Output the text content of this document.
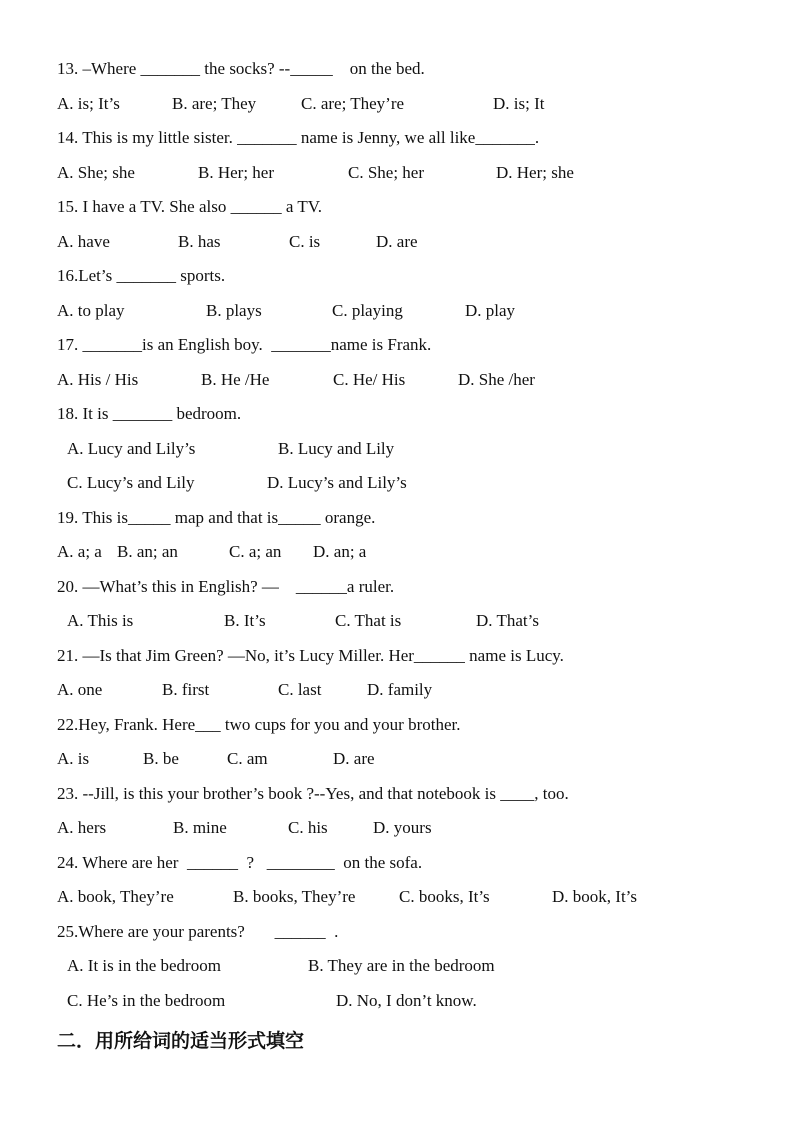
13. –Where _______ the socks? --_____    on the bed.

A. is; It’s

	B. are; They

	C. are; They’re

	D. is; It

14. This is my little sister. _______ name is Jenny, we all like_______.

A. She; she

	B. Her; her

	C. She; her

	D. Her; she

15. I have a TV. She also ______ a TV.

A. have

	B. has

	C. is

	D. are

16.Let’s _______ sports.

A. to play

	B. plays

	C. playing

	D. play

17. _______is an English boy.  _______name is Frank.

A. His / His

	B. He /He

	C. He/ His

	D. She /her

18. It is _______ bedroom.

A. Lucy and Lily’s

	B. Lucy and Lily

C. Lucy’s and Lily

	D. Lucy’s and Lily’s

19. This is_____ map and that is_____ orange.

A. a; a

B. an; an

	C. a; an

D. an; a

20. —What’s this in English? —    ______a ruler.

A. This is

	B. It’s

	C. That is

	D. That’s

21. —Is that Jim Green? —No, it’s Lucy Miller. Her______ name is Lucy.

A. one

	B. first

	C. last

	D. family

22.Hey, Frank. Here___ two cups for you and your brother.

A. is

	B. be

	C. am

	D. are

23. --Jill, is this your brother’s book ?--Yes, and that notebook is ____, too.

A. hers

	B. mine

	C. his

	D. yours

24. Where are her  ______  ?   ________  on the sofa.

A. book, They’re

	B. books, They’re

	C. books, It’s

	D. book, It’s

25.Where are your parents?       ______  .

A. It is in the bedroom

	B. They are in the bedroom

C. He’s in the bedroom

	D. No, I don’t know.

二．用所给词的适当形式填空
